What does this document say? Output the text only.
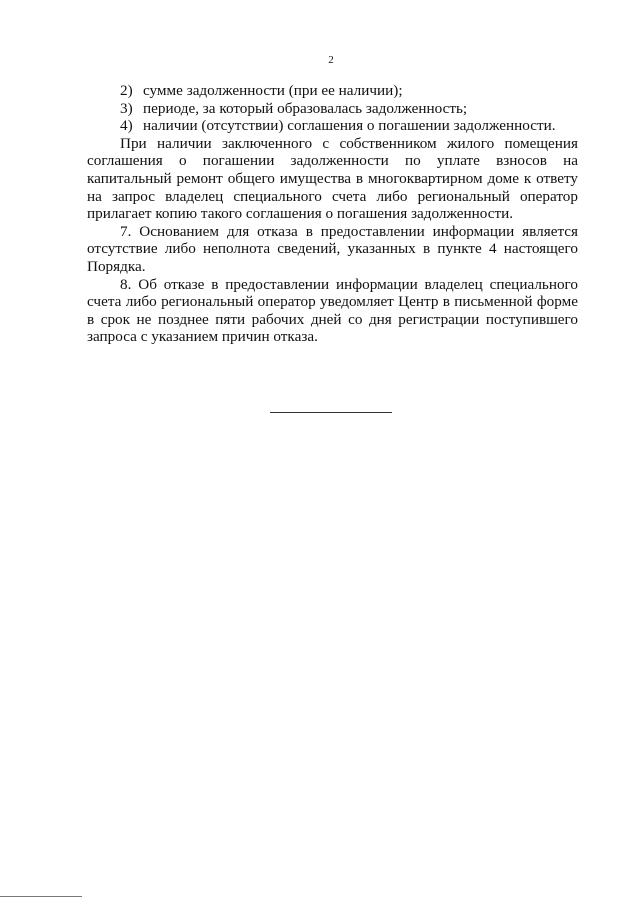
2
2) сумме задолженности (при ее наличии);
3) периоде, за который образовалась задолженность;
4) наличии (отсутствии) соглашения о погашении задолженности.

При наличии заключенного с собственником жилого помещения соглашения о погашении задолженности по уплате взносов на капитальный ремонт общего имущества в многоквартирном доме к ответу на запрос владелец специального счета либо региональный оператор прилагает копию такого соглашения о погашения задолженности.

7. Основанием для отказа в предоставлении информации является отсутствие либо неполнота сведений, указанных в пункте 4 настоящего Порядка.

8. Об отказе в предоставлении информации владелец специального счета либо региональный оператор уведомляет Центр в письменной форме в срок не позднее пяти рабочих дней со дня регистрации поступившего запроса с указанием причин отказа.
